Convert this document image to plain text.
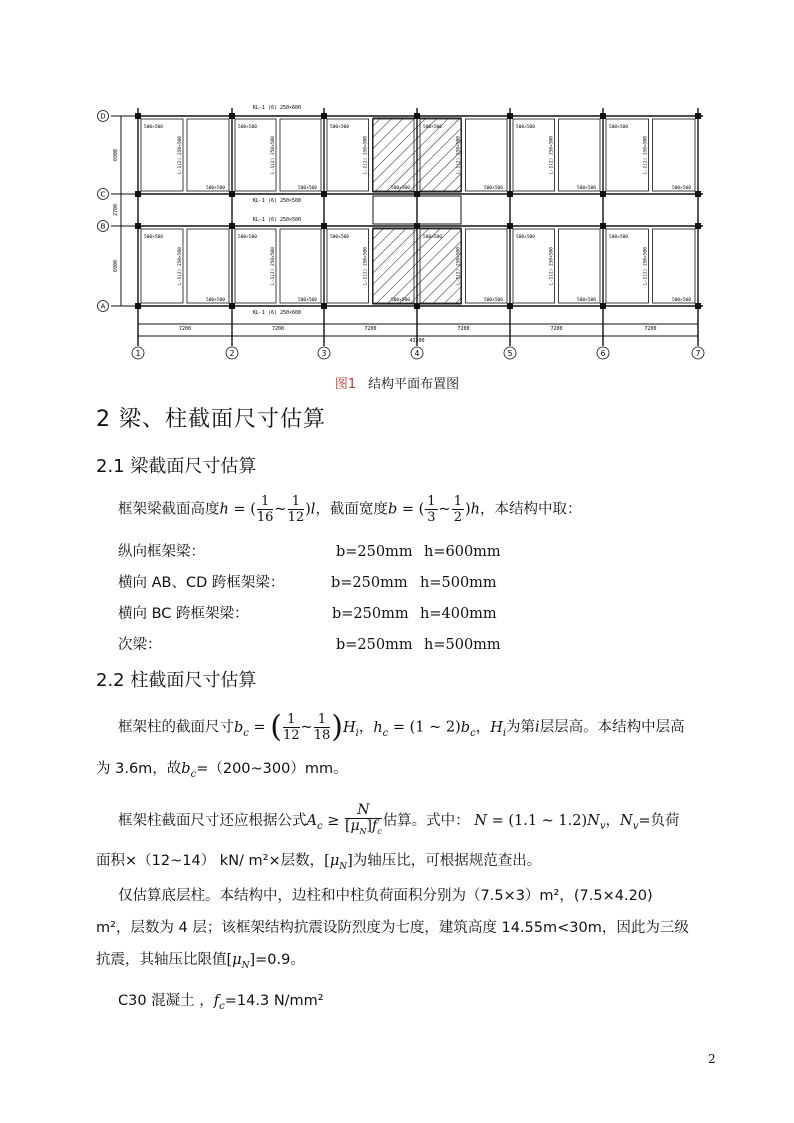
500×500
500×500
500×500
500×500
500×500
500×500
500×500
500×500
500×500
500×500
500×500
500×500
500×500
500×500
500×500
500×500
500×500
500×500
500×500
500×500
500×500
500×500
500×500
500×500
D
C
B
A
6900
2700
6900
1	2	3	4	5	6	7
7200	7200	7200	7200	7200
L-1(2) 250×500
L-1(2) 250×500
L-1(2) 250×500
L-1(2) 250×500
L-1(2) 250×500
L-1(2) 250×500
L-1(2) 250×500
L-1(2) 250×500
L-1(2) 250×500
L-1(2) 250×500
L-1(2) 250×500
L-1(2) 250×500
7200
43200
KL-1 (6) 250×600
KL-1 (6) 250×500
KL-1 (6) 250×500
KL-1 (6) 250×600
图1 结构平面布置图
2 梁、柱截面尺寸估算
2.1 梁截面尺寸估算
框架梁截面高度h = ( $\frac{1}{16}$ ~ $\frac{1}{12} )l$，截面宽度b = ( $\frac{1}{3}$ ~ $\frac{1}{2} )h$，本结构中取：
纵向框架梁：	b=250mm h=600mm
横向 AB、CD 跨框架梁：	b=250mm h=500mm
横向 BC 跨框架梁：	b=250mm h=400mm
次梁：	b=250mm h=500mm
2.2 柱截面尺寸估算
框架柱的截面尺寸$b_c$ = ( $\frac{1}{12}$ ~ $\frac{1}{18} )H_i$，$h_c = (1$ ~ $2)b_c$，$H_i$为第i层层高。本结构中层高
为 3.6m，故$b_c=(200\sim 300)mm$。
框架柱截面尺寸还应根据公式$A_c \ge \frac{N}{[\mu_N]f_c}$ 估算。式中： N = (1.1 ~ $1.2)N_v$，$N_v=$负荷
面积×（12~14） kN/ m²×层数，$[\mu_N]$为轴压比，可根据规范查出。
仅估算底层柱。本结构中，边柱和中柱负荷面积分别为（7.5×3）m²，(7.5×4.20)
m²，层数为 4 层；该框架结构抗震设防烈度为七度，建筑高度 14.55m<30m，因此为三级
抗震，其轴压比限值$[\mu_N]=0.9$。
C30 混凝土 ，$f_c=14.3$ N/mm²
2
